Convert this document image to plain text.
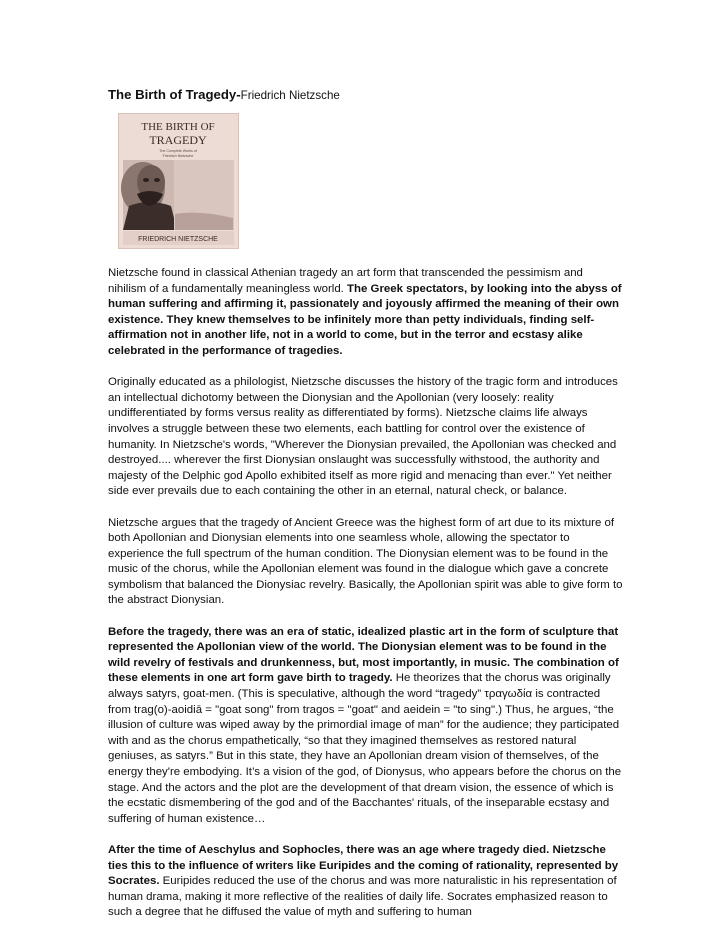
The Birth of Tragedy-Friedrich Nietzsche
THE BIRTH OF
TRAGEDY
The Complete Works of
Friedrich Nietzsche
FRIEDRICH NIETZSCHE

Nietzsche found in classical Athenian tragedy an art form that transcended the pessimism and nihilism of a fundamentally meaningless world. The Greek spectators, by looking into the abyss of human suffering and affirming it, passionately and joyously affirmed the meaning of their own existence. They knew themselves to be infinitely more than petty individuals, finding self-affirmation not in another life, not in a world to come, but in the terror and ecstasy alike celebrated in the performance of tragedies.

Originally educated as a philologist, Nietzsche discusses the history of the tragic form and introduces an intellectual dichotomy between the Dionysian and the Apollonian (very loosely: reality undifferentiated by forms versus reality as differentiated by forms). Nietzsche claims life always involves a struggle between these two elements, each battling for control over the existence of humanity. In Nietzsche's words, "Wherever the Dionysian prevailed, the Apollonian was checked and destroyed.... wherever the first Dionysian onslaught was successfully withstood, the authority and majesty of the Delphic god Apollo exhibited itself as more rigid and menacing than ever." Yet neither side ever prevails due to each containing the other in an eternal, natural check, or balance.

Nietzsche argues that the tragedy of Ancient Greece was the highest form of art due to its mixture of both Apollonian and Dionysian elements into one seamless whole, allowing the spectator to experience the full spectrum of the human condition. The Dionysian element was to be found in the music of the chorus, while the Apollonian element was found in the dialogue which gave a concrete symbolism that balanced the Dionysiac revelry. Basically, the Apollonian spirit was able to give form to the abstract Dionysian.

Before the tragedy, there was an era of static, idealized plastic art in the form of sculpture that represented the Apollonian view of the world. The Dionysian element was to be found in the wild revelry of festivals and drunkenness, but, most importantly, in music. The combination of these elements in one art form gave birth to tragedy. He theorizes that the chorus was originally always satyrs, goat-men. (This is speculative, although the word “tragedy” τραγωδία is contracted from trag(o)-aoidiā = "goat song" from tragos = "goat" and aeidein = "to sing".) Thus, he argues, “the illusion of culture was wiped away by the primordial image of man” for the audience; they participated with and as the chorus empathetically, “so that they imagined themselves as restored natural geniuses, as satyrs.” But in this state, they have an Apollonian dream vision of themselves, of the energy they're embodying. It’s a vision of the god, of Dionysus, who appears before the chorus on the stage. And the actors and the plot are the development of that dream vision, the essence of which is the ecstatic dismembering of the god and of the Bacchantes' rituals, of the inseparable ecstasy and suffering of human existence…

After the time of Aeschylus and Sophocles, there was an age where tragedy died. Nietzsche ties this to the influence of writers like Euripides and the coming of rationality, represented by Socrates. Euripides reduced the use of the chorus and was more naturalistic in his representation of human drama, making it more reflective of the realities of daily life. Socrates emphasized reason to such a degree that he diffused the value of myth and suffering to human
